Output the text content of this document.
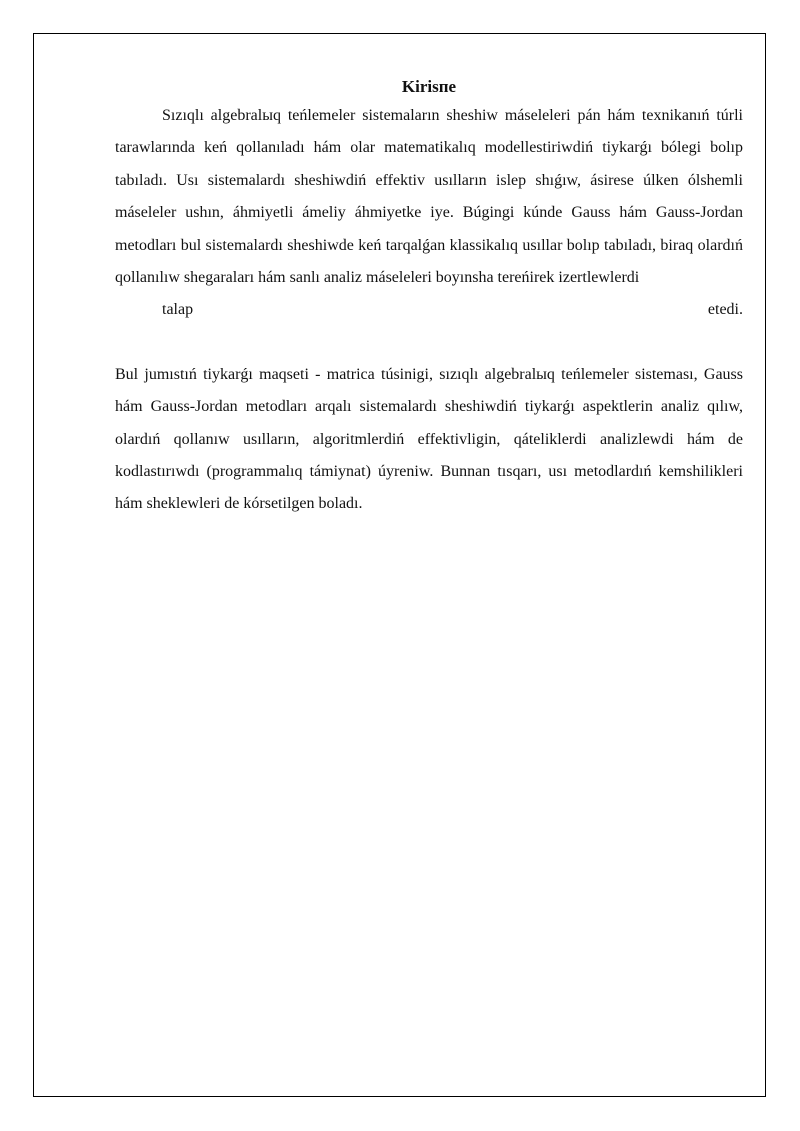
Kirisпe

Sızıqlı algebralыq teńlemeler sistemaların sheshiw máseleleri pán hám texnikanıń túrli tarawlarında keń qollanıladı hám olar matematikalıq modellestiriwdiń tiykarǵı bólegi bolıp tabıladı. Usı sistemalardı sheshiwdiń effektiv usılların islep shıǵıw, ásirese úlken ólshemli máseleler ushın, áhmiyetli ámeliy áhmiyetke iye. Búgingi kúnde Gauss hám Gauss-Jordan metodları bul sistemalardı sheshiwde keń tarqalǵan klassikalıq usıllar bolıp tabıladı, biraq olardıń qollanılıw shegaraları hám sanlı analiz máseleleri boyınsha tereńirek izertlewlerdi
talap etedi.

Bul jumıstıń tiykarǵı maqseti - matrica túsinigi, sızıqlı algebralыq teńlemeler sisteması, Gauss hám Gauss-Jordan metodları arqalı sistemalardı sheshiwdiń tiykarǵı aspektlerin analiz qılıw, olardıń qollanıw usılların, algoritmlerdiń effektivligin, qáteliklerdi analizlewdi hám de kodlastırıwdı (programmalıq támiynat) úyreniw. Bunnan tısqarı, usı metodlardıń kemshilikleri hám sheklewleri de kórsetilgen boladı.
